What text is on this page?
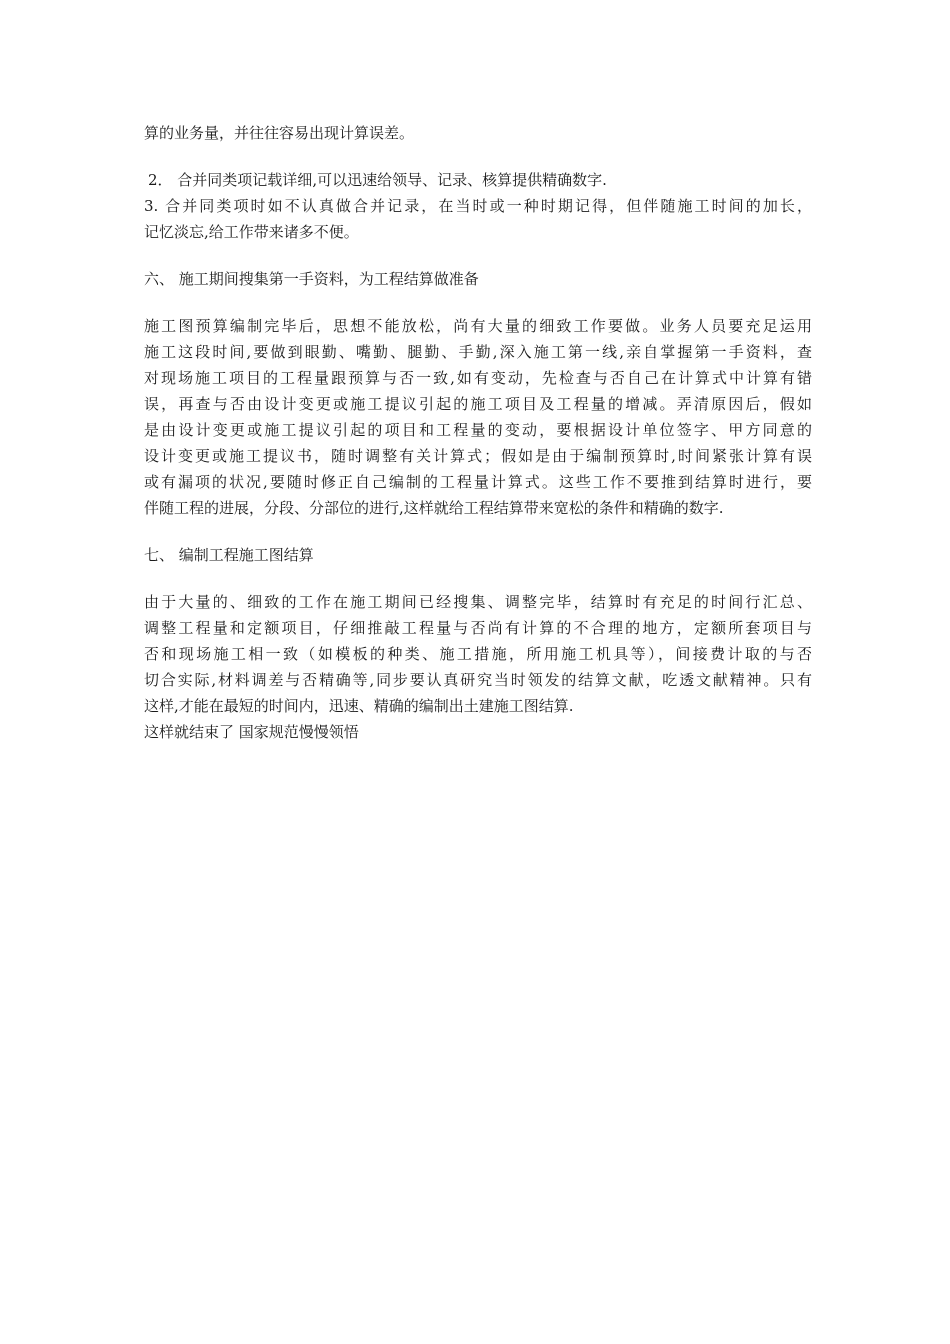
算的业务量，并往往容易出现计算误差。

2． 合并同类项记载详细,可以迅速给领导、记录、核算提供精确数字.

3. 合并同类项时如不认真做合并记录，在当时或一种时期记得，但伴随施工时间的加长，

记忆淡忘,给工作带来诸多不便。

六、 施工期间搜集第一手资料，为工程结算做准备

施工图预算编制完毕后，思想不能放松，尚有大量的细致工作要做。业务人员要充足运用

施工这段时间,要做到眼勤、嘴勤、腿勤、手勤,深入施工第一线,亲自掌握第一手资料，查

对现场施工项目的工程量跟预算与否一致,如有变动，先检查与否自己在计算式中计算有错

误，再查与否由设计变更或施工提议引起的施工项目及工程量的增减。弄清原因后，假如

是由设计变更或施工提议引起的项目和工程量的变动，要根据设计单位签字、甲方同意的

设计变更或施工提议书，随时调整有关计算式；假如是由于编制预算时,时间紧张计算有误

或有漏项的状况,要随时修正自己编制的工程量计算式。这些工作不要推到结算时进行，要

伴随工程的进展，分段、分部位的进行,这样就给工程结算带来宽松的条件和精确的数字.

七、 编制工程施工图结算

由于大量的、细致的工作在施工期间已经搜集、调整完毕，结算时有充足的时间行汇总、

调整工程量和定额项目，仔细推敲工程量与否尚有计算的不合理的地方，定额所套项目与

否和现场施工相一致（如模板的种类、施工措施，所用施工机具等），间接费计取的与否

切合实际,材料调差与否精确等,同步要认真研究当时领发的结算文献，吃透文献精神。只有

这样,才能在最短的时间内，迅速、精确的编制出土建施工图结算.

这样就结束了 国家规范慢慢领悟
